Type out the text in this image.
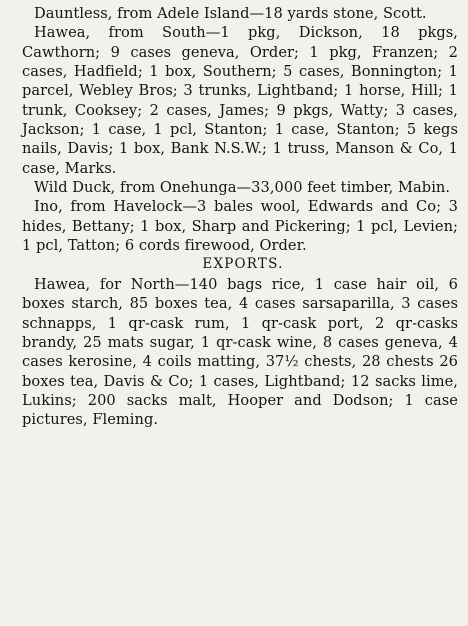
Dauntless, from Adele Island—18 yards stone, Scott.

Hawea, from South—1 pkg, Dickson, 18 pkgs, Cawthorn; 9 cases geneva, Order; 1 pkg, Franzen; 2 cases, Hadfield; 1 box, Southern; 5 cases, Bonnington; 1 parcel, Webley Bros; 3 trunks, Lightband; 1 horse, Hill; 1 trunk, Cooksey; 2 cases, James; 9 pkgs, Watty; 3 cases, Jackson; 1 case, 1 pcl, Stanton; 1 case, Stanton; 5 kegs nails, Davis; 1 box, Bank N.S.W.; 1 truss, Manson & Co, 1 case, Marks.

Wild Duck, from Onehunga—33,000 feet timber, Mabin.

Ino, from Havelock—3 bales wool, Edwards and Co; 3 hides, Bettany; 1 box, Sharp and Pickering; 1 pcl, Levien; 1 pcl, Tatton; 6 cords firewood, Order.

EXPORTS.

Hawea, for North—140 bags rice, 1 case hair oil, 6 boxes starch, 85 boxes tea, 4 cases sarsaparilla, 3 cases schnapps, 1 qr-cask rum, 1 qr-cask port, 2 qr-casks brandy, 25 mats sugar, 1 qr-cask wine, 8 cases geneva, 4 cases kerosine, 4 coils matting, 37½ chests, 28 chests 26 boxes tea, Davis & Co; 1 cases, Lightband; 12 sacks lime, Lukins; 200 sacks malt, Hooper and Dodson; 1 case pictures, Fleming.
